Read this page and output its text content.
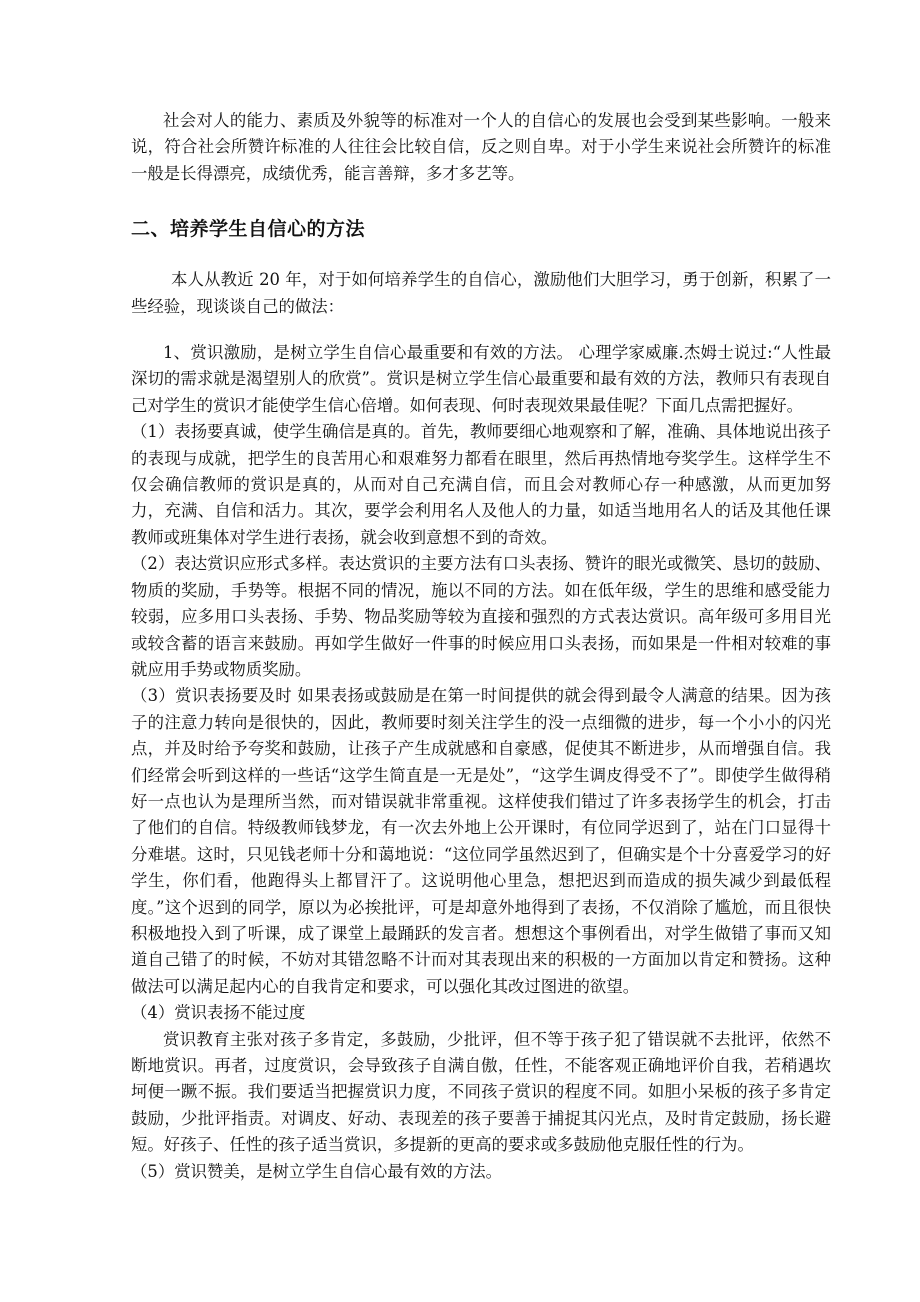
社会对人的能力、素质及外貌等的标准对一个人的自信心的发展也会受到某些影响。一般来说，符合社会所赞许标准的人往往会比较自信，反之则自卑。对于小学生来说社会所赞许的标准一般是长得漂亮，成绩优秀，能言善辩，多才多艺等。

二、培养学生自信心的方法

本人从教近 20 年，对于如何培养学生的自信心，激励他们大胆学习，勇于创新，积累了一些经验，现谈谈自己的做法：

1、赏识激励，是树立学生自信心最重要和有效的方法。 心理学家威廉.杰姆士说过:“人性最深切的需求就是渴望别人的欣赏”。赏识是树立学生信心最重要和最有效的方法，教师只有表现自己对学生的赏识才能使学生信心倍增。如何表现、何时表现效果最佳呢？下面几点需把握好。

（1）表扬要真诚，使学生确信是真的。首先，教师要细心地观察和了解，准确、具体地说出孩子的表现与成就，把学生的良苦用心和艰难努力都看在眼里，然后再热情地夸奖学生。这样学生不仅会确信教师的赏识是真的，从而对自己充满自信，而且会对教师心存一种感激，从而更加努力，充满、自信和活力。其次，要学会利用名人及他人的力量，如适当地用名人的话及其他任课教师或班集体对学生进行表扬，就会收到意想不到的奇效。

（2）表达赏识应形式多样。表达赏识的主要方法有口头表扬、赞许的眼光或微笑、恳切的鼓励、物质的奖励，手势等。根据不同的情况，施以不同的方法。如在低年级，学生的思维和感受能力较弱，应多用口头表扬、手势、物品奖励等较为直接和强烈的方式表达赏识。高年级可多用目光或较含蓄的语言来鼓励。再如学生做好一件事的时候应用口头表扬，而如果是一件相对较难的事就应用手势或物质奖励。

（3）赏识表扬要及时 如果表扬或鼓励是在第一时间提供的就会得到最令人满意的结果。因为孩子的注意力转向是很快的，因此，教师要时刻关注学生的没一点细微的进步，每一个小小的闪光点，并及时给予夸奖和鼓励，让孩子产生成就感和自豪感，促使其不断进步，从而增强自信。我们经常会听到这样的一些话“这学生简直是一无是处”，“这学生调皮得受不了”。即使学生做得稍好一点也认为是理所当然，而对错误就非常重视。这样使我们错过了许多表扬学生的机会，打击了他们的自信。特级教师钱梦龙，有一次去外地上公开课时，有位同学迟到了，站在门口显得十分难堪。这时，只见钱老师十分和蔼地说：“这位同学虽然迟到了，但确实是个十分喜爱学习的好学生，你们看，他跑得头上都冒汗了。这说明他心里急，想把迟到而造成的损失减少到最低程度。”这个迟到的同学，原以为必挨批评，可是却意外地得到了表扬，不仅消除了尴尬，而且很快积极地投入到了听课，成了课堂上最踊跃的发言者。想想这个事例看出，对学生做错了事而又知道自己错了的时候，不妨对其错忽略不计而对其表现出来的积极的一方面加以肯定和赞扬。这种做法可以满足起内心的自我肯定和要求，可以强化其改过图进的欲望。

（4）赏识表扬不能过度

赏识教育主张对孩子多肯定，多鼓励，少批评，但不等于孩子犯了错误就不去批评，依然不断地赏识。再者，过度赏识，会导致孩子自满自傲，任性，不能客观正确地评价自我，若稍遇坎坷便一蹶不振。我们要适当把握赏识力度，不同孩子赏识的程度不同。如胆小呆板的孩子多肯定鼓励，少批评指责。对调皮、好动、表现差的孩子要善于捕捉其闪光点，及时肯定鼓励，扬长避短。好孩子、任性的孩子适当赏识，多提新的更高的要求或多鼓励他克服任性的行为。

（5）赏识赞美，是树立学生自信心最有效的方法。
